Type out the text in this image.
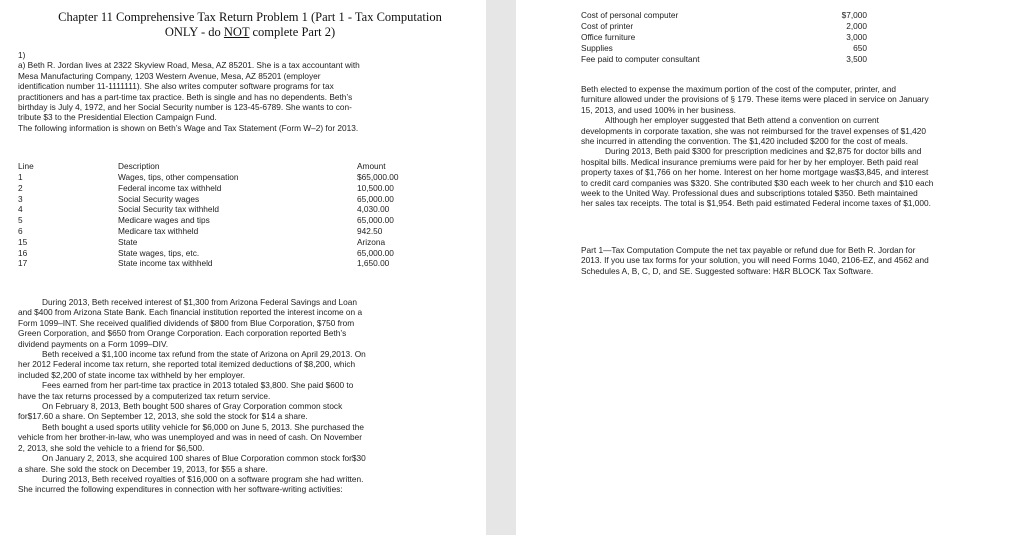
Chapter 11 Comprehensive Tax Return Problem 1 (Part 1 - Tax Computation
ONLY - do NOT complete Part 2)

1)

a) Beth R. Jordan lives at 2322 Skyview Road, Mesa, AZ 85201. She is a tax accountant with

Mesa Manufacturing Company, 1203 Western Avenue, Mesa, AZ 85201 (employer

identification number 11-1111111). She also writes computer software programs for tax

practitioners and has a part-time tax practice. Beth is single and has no dependents. Beth’s

birthday is July 4, 1972, and her Social Security number is 123-45-6789. She wants to con-

tribute $3 to the Presidential Election Campaign Fund.

The following information is shown on Beth’s Wage and Tax Statement (Form W–2) for 2013.

Line	Description	Amount
1	Wages, tips, other compensation	$65,000.00
2	Federal income tax withheld	10,500.00
3	Social Security wages	65,000.00
4	Social Security tax withheld	4,030.00
5	Medicare wages and tips	65,000.00
6	Medicare tax withheld	942.50
15	State	Arizona
16	State wages, tips, etc.	65,000.00
17	State income tax withheld	1,650.00

During 2013, Beth received interest of $1,300 from Arizona Federal Savings and Loan
and $400 from Arizona State Bank. Each financial institution reported the interest income on a
Form 1099–INT. She received qualified dividends of $800 from Blue Corporation, $750 from
Green Corporation, and $650 from Orange Corporation. Each corporation reported Beth’s
dividend payments on a Form 1099–DIV.

Beth received a $1,100 income tax refund from the state of Arizona on April 29,2013. On
her 2012 Federal income tax return, she reported total itemized deductions of $8,200, which
included $2,200 of state income tax withheld by her employer.

Fees earned from her part-time tax practice in 2013 totaled $3,800. She paid $600 to
have the tax returns processed by a computerized tax return service.

On February 8, 2013, Beth bought 500 shares of Gray Corporation common stock
for$17.60 a share. On September 12, 2013, she sold the stock for $14 a share.

Beth bought a used sports utility vehicle for $6,000 on June 5, 2013. She purchased the
vehicle from her brother-in-law, who was unemployed and was in need of cash. On November
2, 2013, she sold the vehicle to a friend for $6,500.

On January 2, 2013, she acquired 100 shares of Blue Corporation common stock for$30
a share. She sold the stock on December 19, 2013, for $55 a share.

During 2013, Beth received royalties of $16,000 on a software program she had written.
She incurred the following expenditures in connection with her software-writing activities:

Cost of personal computer	$7,000
Cost of printer	2,000
Office furniture	3,000
Supplies	650
Fee paid to computer consultant	3,500

Beth elected to expense the maximum portion of the cost of the computer, printer, and
furniture allowed under the provisions of § 179. These items were placed in service on January
15, 2013, and used 100% in her business.

Although her employer suggested that Beth attend a convention on current
developments in corporate taxation, she was not reimbursed for the travel expenses of $1,420
she incurred in attending the convention. The $1,420 included $200 for the cost of meals.

During 2013, Beth paid $300 for prescription medicines and $2,875 for doctor bills and
hospital bills. Medical insurance premiums were paid for her by her employer. Beth paid real
property taxes of $1,766 on her home. Interest on her home mortgage was$3,845, and interest
to credit card companies was $320. She contributed $30 each week to her church and $10 each
week to the United Way. Professional dues and subscriptions totaled $350. Beth maintained
her sales tax receipts. The total is $1,954. Beth paid estimated Federal income taxes of $1,000.

Part 1—Tax Computation Compute the net tax payable or refund due for Beth R. Jordan for
2013. If you use tax forms for your solution, you will need Forms 1040, 2106-EZ, and 4562 and
Schedules A, B, C, D, and SE. Suggested software: H&R BLOCK Tax Software.
